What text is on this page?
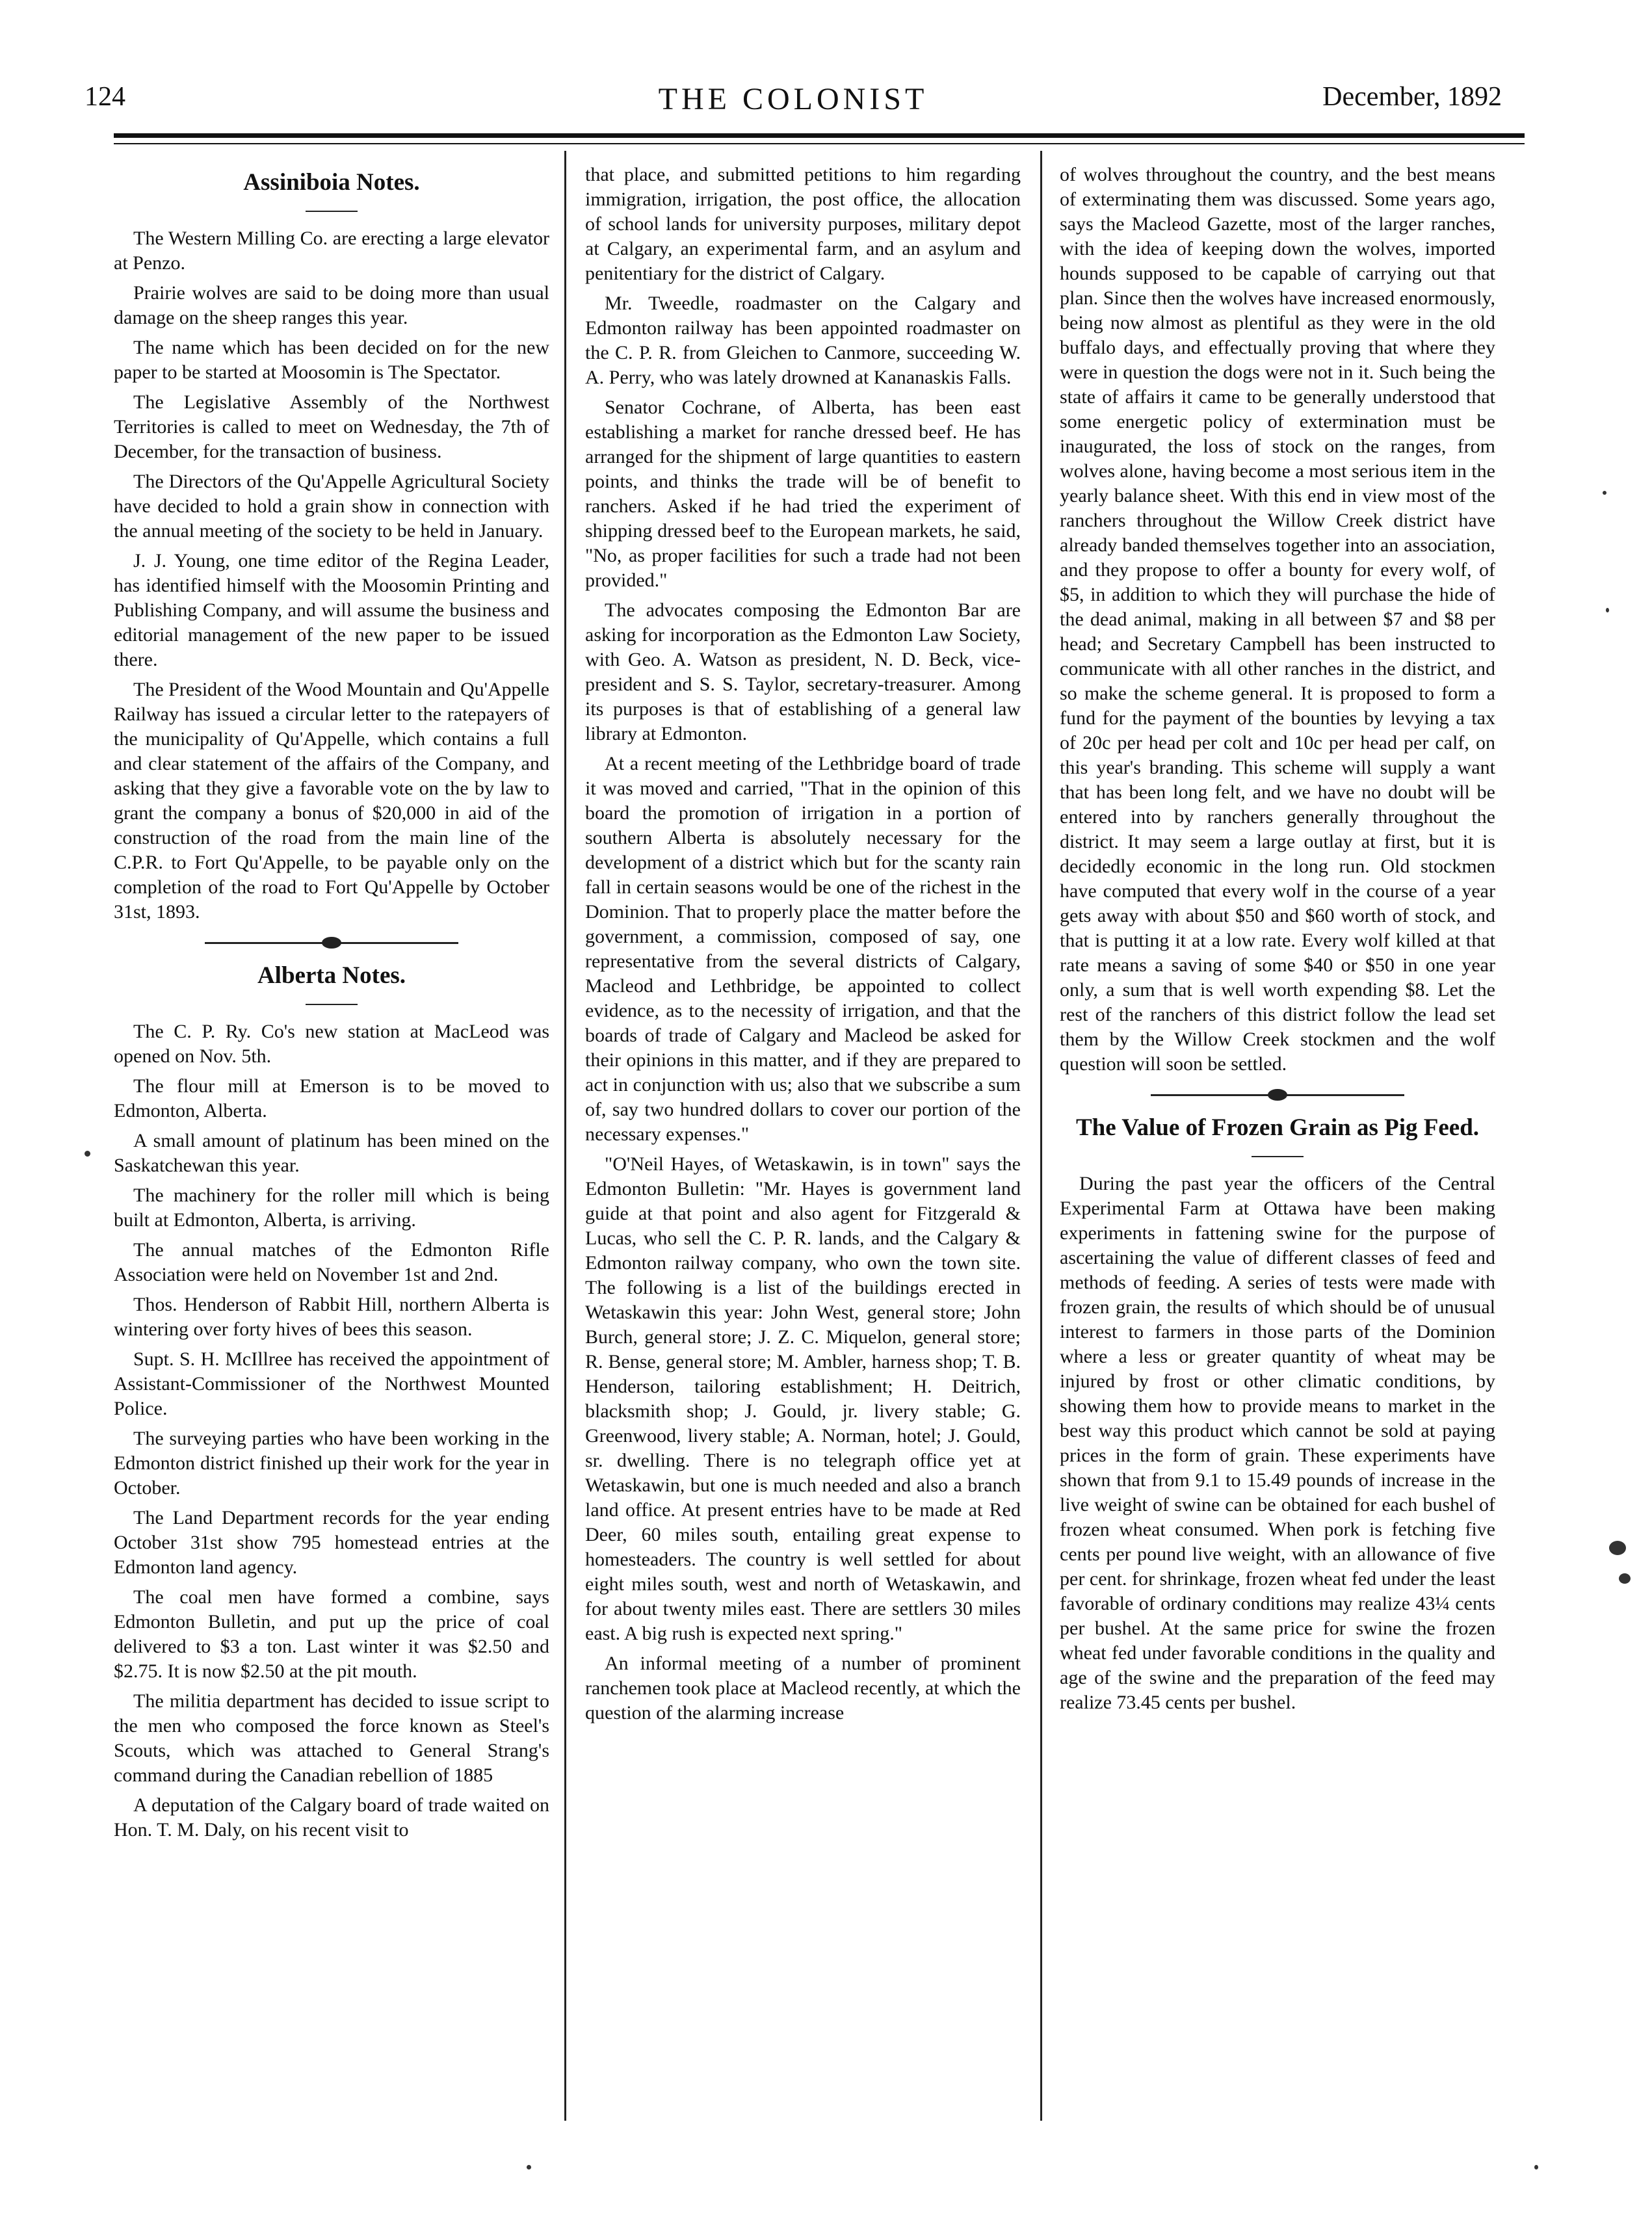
124	THE COLONIST	December, 1892
Assiniboia Notes.

The Western Milling Co. are erecting a large elevator at Penzo.

Prairie wolves are said to be doing more than usual damage on the sheep ranges this year.

The name which has been decided on for the new paper to be started at Moosomin is The Spectator.

The Legislative Assembly of the Northwest Territories is called to meet on Wednesday, the 7th of December, for the transaction of business.

The Directors of the Qu'Appelle Agricultural Society have decided to hold a grain show in connection with the annual meeting of the society to be held in January.

J. J. Young, one time editor of the Regina Leader, has identified himself with the Moosomin Printing and Publishing Company, and will assume the business and editorial management of the new paper to be issued there.

The President of the Wood Mountain and Qu'Appelle Railway has issued a circular letter to the ratepayers of the municipality of Qu'Appelle, which contains a full and clear statement of the affairs of the Company, and asking that they give a favorable vote on the by law to grant the company a bonus of $20,000 in aid of the construction of the road from the main line of the C.P.R. to Fort Qu'Appelle, to be payable only on the completion of the road to Fort Qu'Appelle by October 31st, 1893.

Alberta Notes.

The C. P. Ry. Co's new station at MacLeod was opened on Nov. 5th.

The flour mill at Emerson is to be moved to Edmonton, Alberta.

A small amount of platinum has been mined on the Saskatchewan this year.

The machinery for the roller mill which is being built at Edmonton, Alberta, is arriving.

The annual matches of the Edmonton Rifle Association were held on November 1st and 2nd.

Thos. Henderson of Rabbit Hill, northern Alberta is wintering over forty hives of bees this season.

Supt. S. H. McIllree has received the appointment of Assistant-Commissioner of the Northwest Mounted Police.

The surveying parties who have been working in the Edmonton district finished up their work for the year in October.

The Land Department records for the year ending October 31st show 795 homestead entries at the Edmonton land agency.

The coal men have formed a combine, says Edmonton Bulletin, and put up the price of coal delivered to $3 a ton. Last winter it was $2.50 and $2.75. It is now $2.50 at the pit mouth.

The militia department has decided to issue script to the men who composed the force known as Steel's Scouts, which was attached to General Strang's command during the Canadian rebellion of 1885

A deputation of the Calgary board of trade waited on Hon. T. M. Daly, on his recent visit to

that place, and submitted petitions to him regarding immigration, irrigation, the post office, the allocation of school lands for university purposes, military depot at Calgary, an experimental farm, and an asylum and penitentiary for the district of Calgary.

Mr. Tweedle, roadmaster on the Calgary and Edmonton railway has been appointed roadmaster on the C. P. R. from Gleichen to Canmore, succeeding W. A. Perry, who was lately drowned at Kananaskis Falls.

Senator Cochrane, of Alberta, has been east establishing a market for ranche dressed beef. He has arranged for the shipment of large quantities to eastern points, and thinks the trade will be of benefit to ranchers. Asked if he had tried the experiment of shipping dressed beef to the European markets, he said, "No, as proper facilities for such a trade had not been provided."

The advocates composing the Edmonton Bar are asking for incorporation as the Edmonton Law Society, with Geo. A. Watson as president, N. D. Beck, vice-president and S. S. Taylor, secretary-treasurer. Among its purposes is that of establishing of a general law library at Edmonton.

At a recent meeting of the Lethbridge board of trade it was moved and carried, "That in the opinion of this board the promotion of irrigation in a portion of southern Alberta is absolutely necessary for the development of a district which but for the scanty rain fall in certain seasons would be one of the richest in the Dominion. That to properly place the matter before the government, a commission, composed of say, one representative from the several districts of Calgary, Macleod and Lethbridge, be appointed to collect evidence, as to the necessity of irrigation, and that the boards of trade of Calgary and Macleod be asked for their opinions in this matter, and if they are prepared to act in conjunction with us; also that we subscribe a sum of, say two hundred dollars to cover our portion of the necessary expenses."

"O'Neil Hayes, of Wetaskawin, is in town" says the Edmonton Bulletin: "Mr. Hayes is government land guide at that point and also agent for Fitzgerald & Lucas, who sell the C. P. R. lands, and the Calgary & Edmonton railway company, who own the town site. The following is a list of the buildings erected in Wetaskawin this year: John West, general store; John Burch, general store; J. Z. C. Miquelon, general store; R. Bense, general store; M. Ambler, harness shop; T. B. Henderson, tailoring establishment; H. Deitrich, blacksmith shop; J. Gould, jr. livery stable; G. Greenwood, livery stable; A. Norman, hotel; J. Gould, sr. dwelling. There is no telegraph office yet at Wetaskawin, but one is much needed and also a branch land office. At present entries have to be made at Red Deer, 60 miles south, entailing great expense to homesteaders. The country is well settled for about eight miles south, west and north of Wetaskawin, and for about twenty miles east. There are settlers 30 miles east. A big rush is expected next spring."

An informal meeting of a number of prominent ranchemen took place at Macleod recently, at which the question of the alarming increase

of wolves throughout the country, and the best means of exterminating them was discussed. Some years ago, says the Macleod Gazette, most of the larger ranches, with the idea of keeping down the wolves, imported hounds supposed to be capable of carrying out that plan. Since then the wolves have increased enormously, being now almost as plentiful as they were in the old buffalo days, and effectually proving that where they were in question the dogs were not in it. Such being the state of affairs it came to be generally understood that some energetic policy of extermination must be inaugurated, the loss of stock on the ranges, from wolves alone, having become a most serious item in the yearly balance sheet. With this end in view most of the ranchers throughout the Willow Creek district have already banded themselves together into an association, and they propose to offer a bounty for every wolf, of $5, in addition to which they will purchase the hide of the dead animal, making in all between $7 and $8 per head; and Secretary Campbell has been instructed to communicate with all other ranches in the district, and so make the scheme general. It is proposed to form a fund for the payment of the bounties by levying a tax of 20c per head per colt and 10c per head per calf, on this year's branding. This scheme will supply a want that has been long felt, and we have no doubt will be entered into by ranchers generally throughout the district. It may seem a large outlay at first, but it is decidedly economic in the long run. Old stockmen have computed that every wolf in the course of a year gets away with about $50 and $60 worth of stock, and that is putting it at a low rate. Every wolf killed at that rate means a saving of some $40 or $50 in one year only, a sum that is well worth expending $8. Let the rest of the ranchers of this district follow the lead set them by the Willow Creek stockmen and the wolf question will soon be settled.

The Value of Frozen Grain as Pig Feed.

During the past year the officers of the Central Experimental Farm at Ottawa have been making experiments in fattening swine for the purpose of ascertaining the value of different classes of feed and methods of feeding. A series of tests were made with frozen grain, the results of which should be of unusual interest to farmers in those parts of the Dominion where a less or greater quantity of wheat may be injured by frost or other climatic conditions, by showing them how to provide means to market in the best way this product which cannot be sold at paying prices in the form of grain. These experiments have shown that from 9.1 to 15.49 pounds of increase in the live weight of swine can be obtained for each bushel of frozen wheat consumed. When pork is fetching five cents per pound live weight, with an allowance of five per cent. for shrinkage, frozen wheat fed under the least favorable of ordinary conditions may realize 43¼ cents per bushel. At the same price for swine the frozen wheat fed under favorable conditions in the quality and age of the swine and the preparation of the feed may realize 73.45 cents per bushel.
